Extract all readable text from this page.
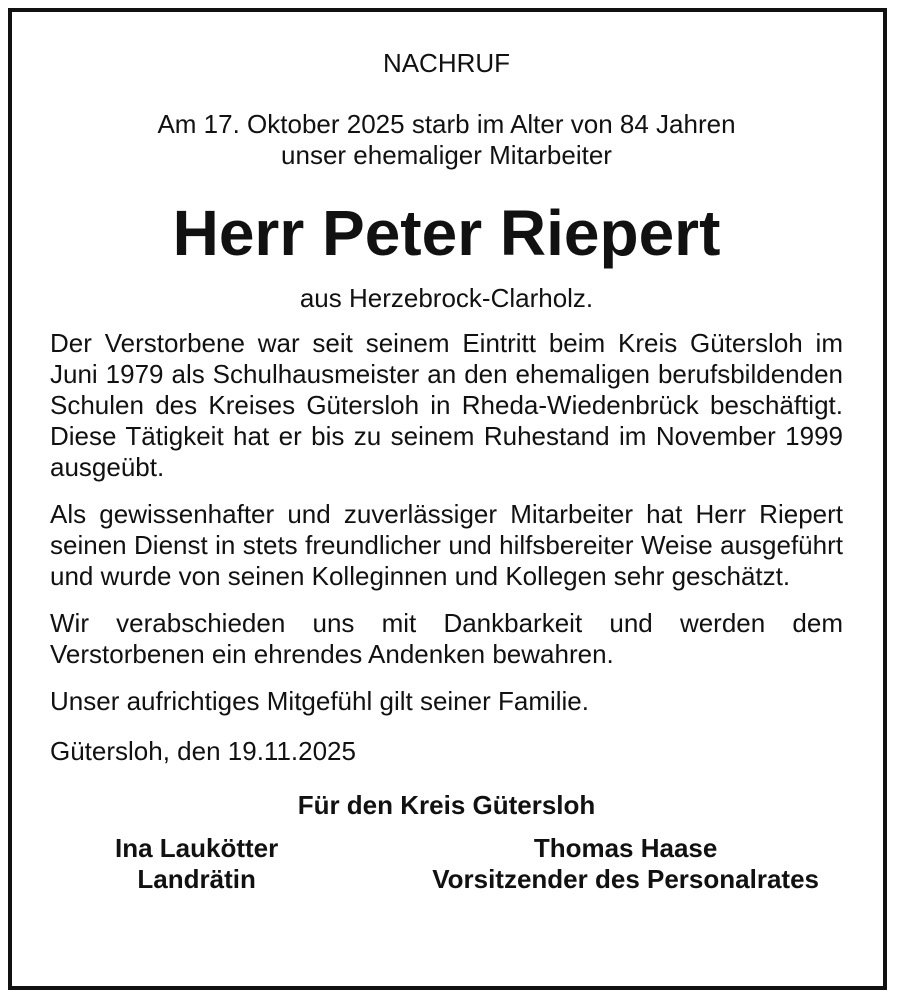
NACHRUF
Am 17. Oktober 2025 starb im Alter von 84 Jahren
unser ehemaliger Mitarbeiter
Herr Peter Riepert
aus Herzebrock-Clarholz.

Der Verstorbene war seit seinem Eintritt beim Kreis Gütersloh im Juni 1979 als Schulhausmeister an den ehemaligen berufsbildenden Schulen des Kreises Gütersloh in Rheda-Wiedenbrück beschäftigt. Diese Tätigkeit hat er bis zu seinem Ruhestand im November 1999 ausgeübt.

Als gewissenhafter und zuverlässiger Mitarbeiter hat Herr Riepert seinen Dienst in stets freundlicher und hilfsbereiter Weise ausgeführt und wurde von seinen Kolleginnen und Kollegen sehr geschätzt.

Wir verabschieden uns mit Dankbarkeit und werden dem Verstorbenen ein ehrendes Andenken bewahren.

Unser aufrichtiges Mitgefühl gilt seiner Familie.

Gütersloh, den 19.11.2025
Für den Kreis Gütersloh
Ina Laukötter
Landrätin
Thomas Haase
Vorsitzender des Personalrates
